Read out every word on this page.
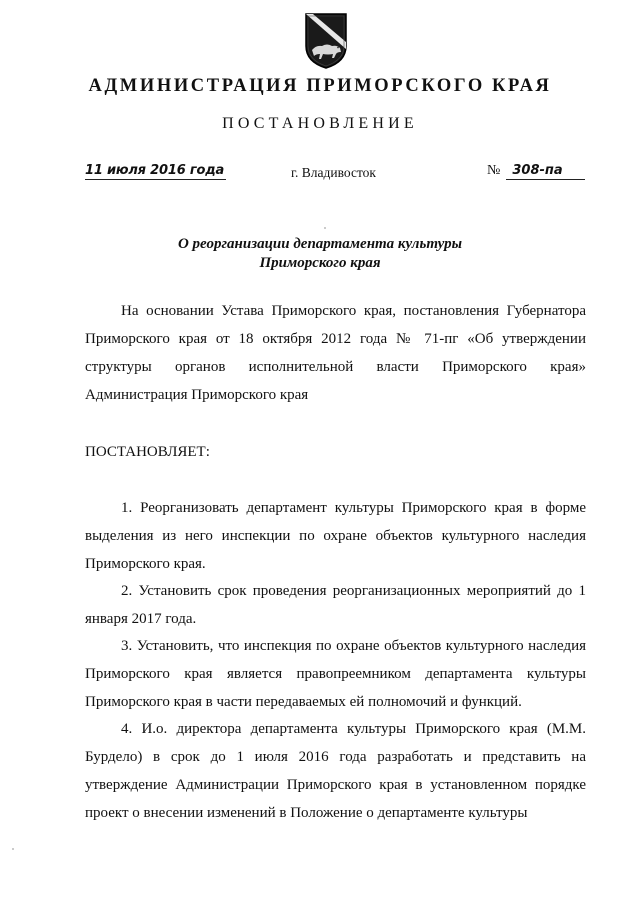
АДМИНИСТРАЦИЯ ПРИМОРСКОГО КРАЯ
ПОСТАНОВЛЕНИЕ
11 июля 2016 года	г. Владивосток	№ 308-па
О реорганизации департамента культуры
Приморского края

На основании Устава Приморского края, постановления Губернатора Приморского края от 18 октября 2012 года № 71-пг «Об утверждении структуры органов исполнительной власти Приморского края» Администрация Приморского края

ПОСТАНОВЛЯЕТ:

1. Реорганизовать департамент культуры Приморского края в форме выделения из него инспекции по охране объектов культурного наследия Приморского края.

2. Установить срок проведения реорганизационных мероприятий до 1 января 2017 года.

3. Установить, что инспекция по охране объектов культурного наследия Приморского края является правопреемником департамента культуры Приморского края в части передаваемых ей полномочий и функций.

4. И.о. директора департамента культуры Приморского края (М.М. Бурдело) в срок до 1 июля 2016 года разработать и представить на утверждение Администрации Приморского края в установленном порядке проект о внесении изменений в Положение о департаменте культуры
